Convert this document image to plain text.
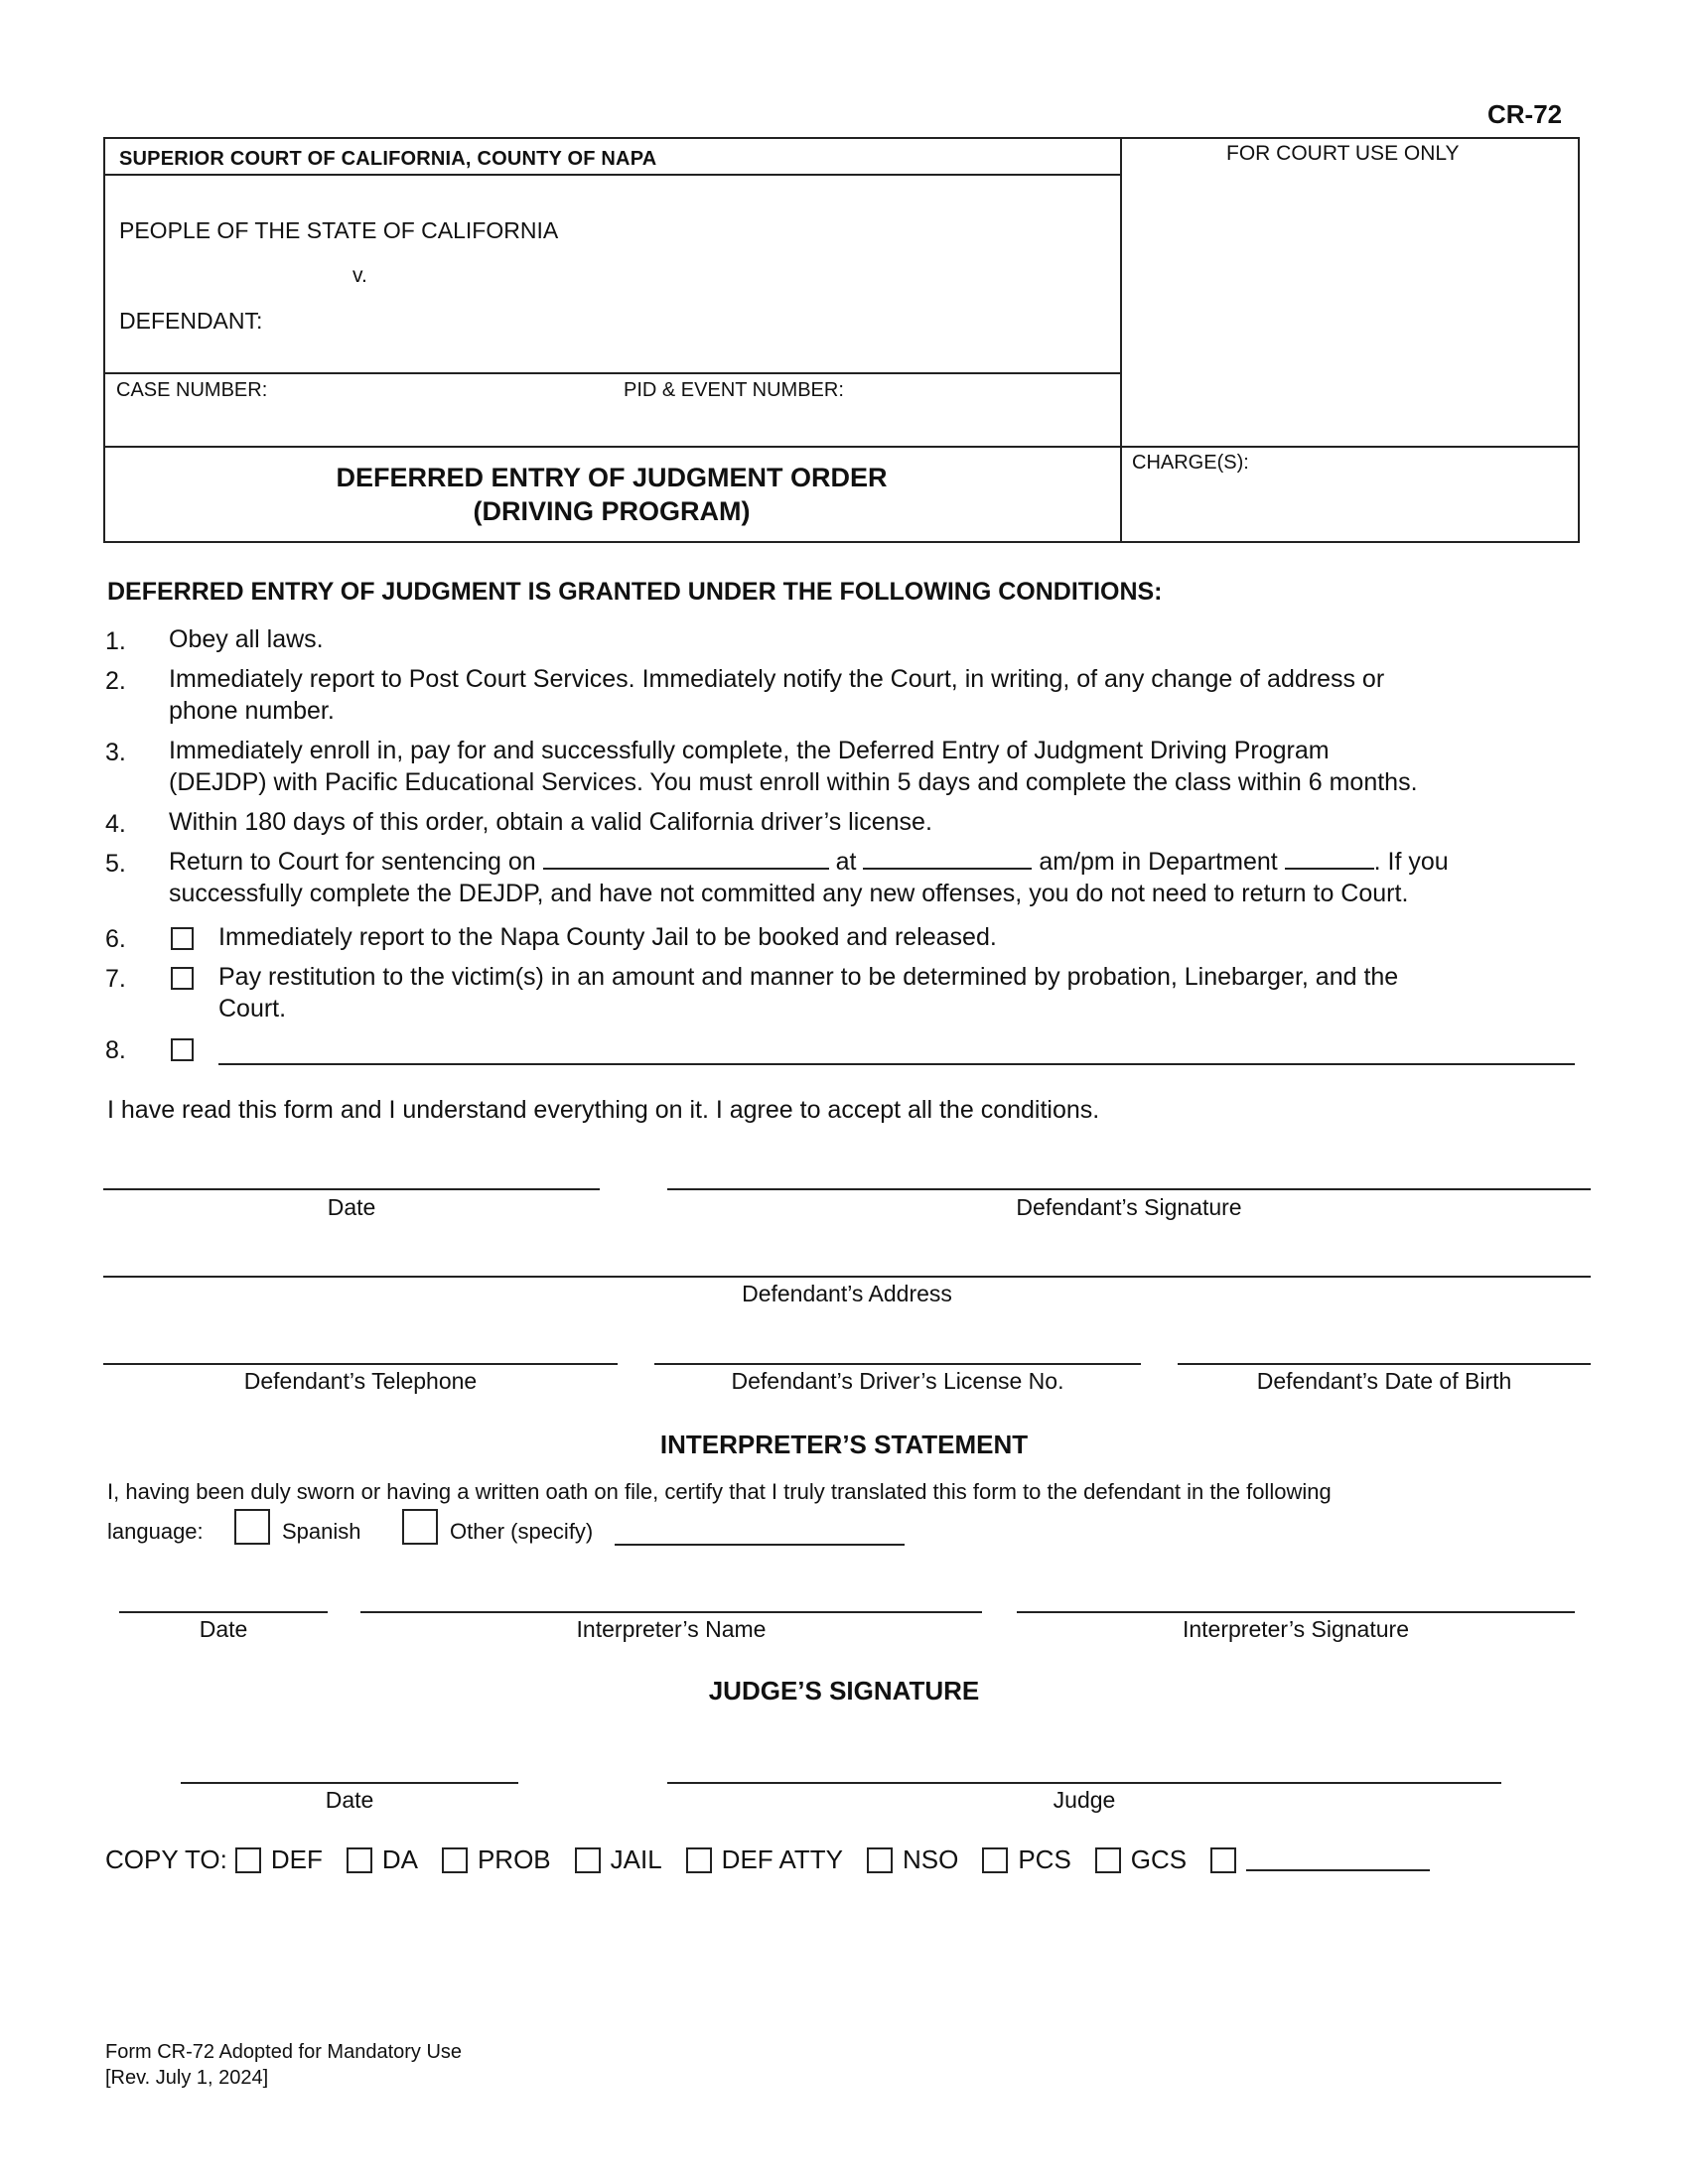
CR-72
SUPERIOR COURT OF CALIFORNIA, COUNTY OF NAPA	FOR COURT USE ONLY
PEOPLE OF THE STATE OF CALIFORNIA
v.
DEFENDANT:
CASE NUMBER:	PID & EVENT NUMBER:
CHARGE(S):
DEFERRED ENTRY OF JUDGMENT ORDER
(DRIVING PROGRAM)
DEFERRED ENTRY OF JUDGMENT IS GRANTED UNDER THE FOLLOWING CONDITIONS:
1. Obey all laws.
2. Immediately report to Post Court Services. Immediately notify the Court, in writing, of any change of address or
phone number.
3. Immediately enroll in, pay for and successfully complete, the Deferred Entry of Judgment Driving Program
(DEJDP) with Pacific Educational Services. You must enroll within 5 days and complete the class within 6 months.
4. Within 180 days of this order, obtain a valid California driver’s license.
5. Return to Court for sentencing on	at	am/pm in Department	. If you
successfully complete the DEJDP, and have not committed any new offenses, you do not need to return to Court.
6.	Immediately report to the Napa County Jail to be booked and released.
7.	Pay restitution to the victim(s) in an amount and manner to be determined by probation, Linebarger, and the
Court.
8.
I have read this form and I understand everything on it. I agree to accept all the conditions.
Date	Defendant’s Signature
Defendant’s Address
Defendant’s Telephone	Defendant’s Driver’s License No.	Defendant’s Date of Birth
INTERPRETER’S STATEMENT
I, having been duly sworn or having a written oath on file, certify that I truly translated this form to the defendant in the following
language:	Spanish	Other (specify)
Date	Interpreter’s Name	Interpreter’s Signature
JUDGE’S SIGNATURE
Date	Judge
COPY TO: DEF DA PROB JAIL DEF ATTY NSO PCS GCS
Form CR-72 Adopted for Mandatory Use
[Rev. July 1, 2024]
